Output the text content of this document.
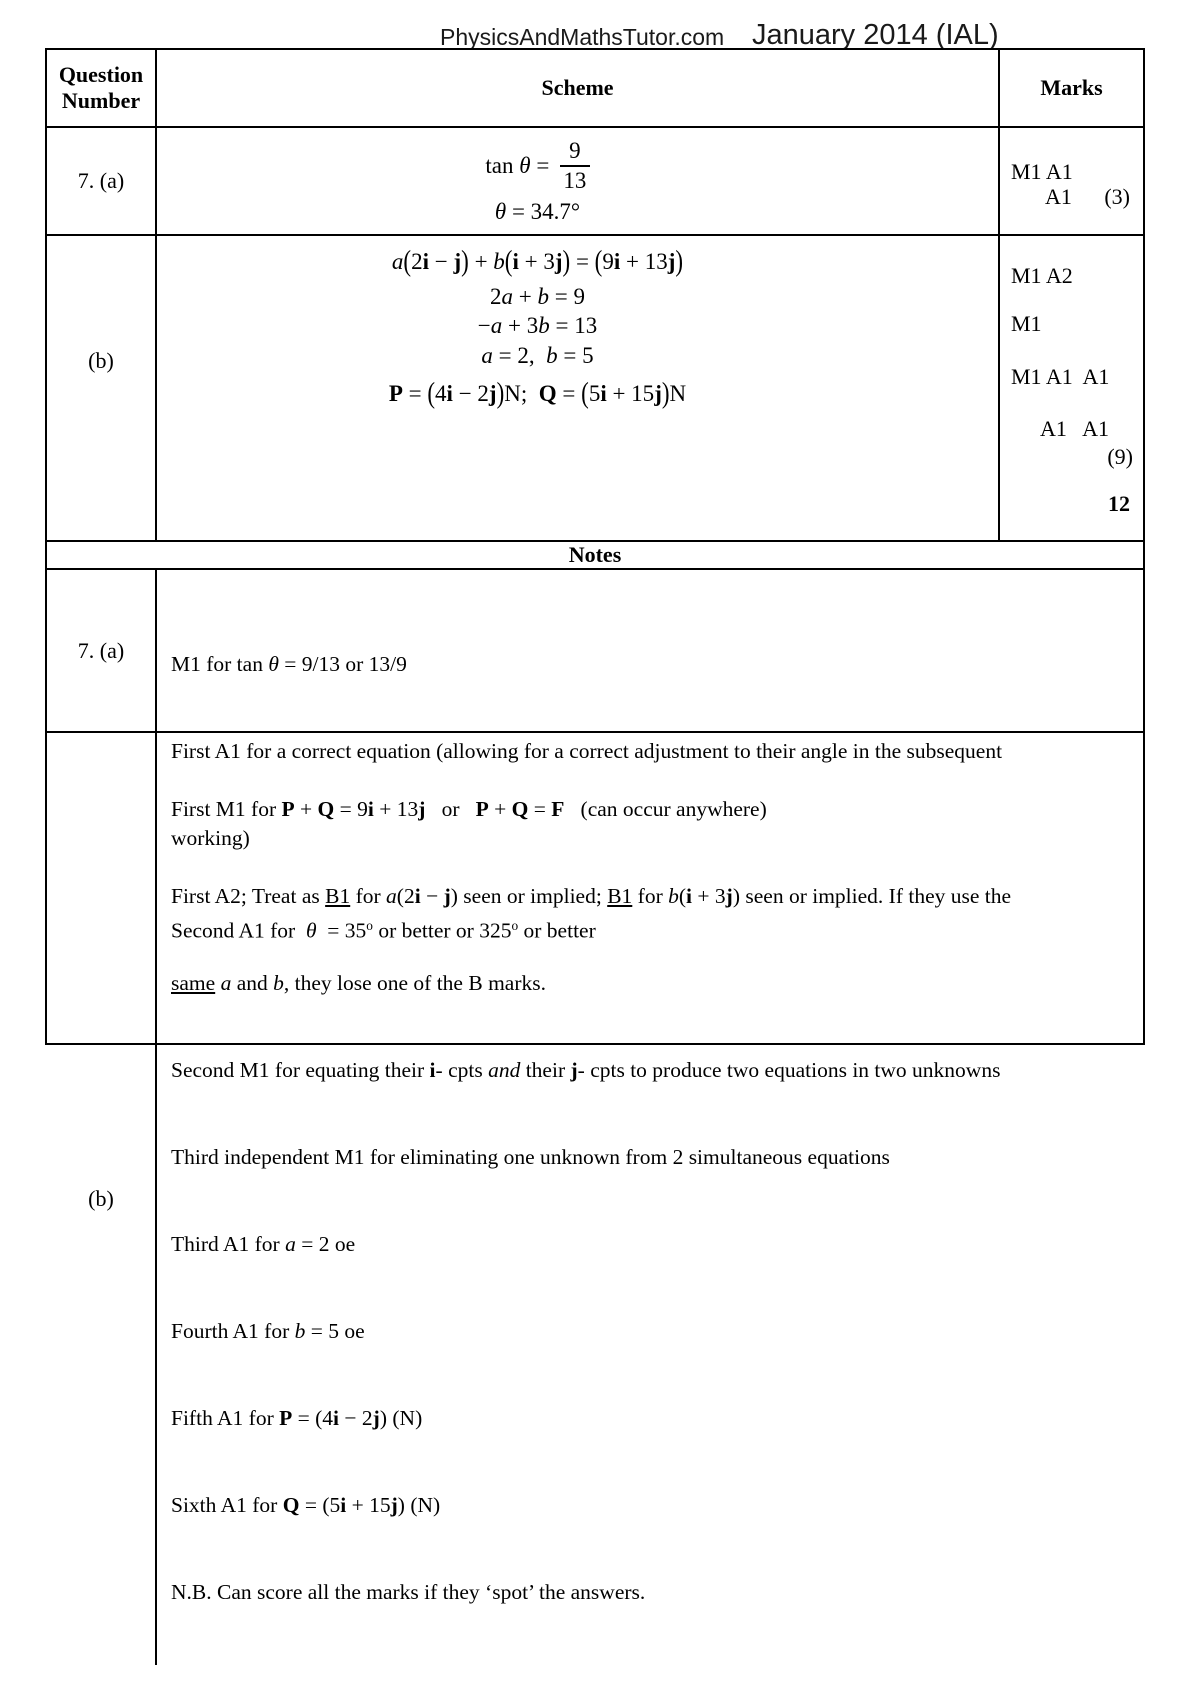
PhysicsAndMathsTutor.com January 2014 (IAL)
Question Number
Scheme	Marks
7. (a)
$\tan \theta = \frac{9}{13}$
θ = 34.7°
M1 A1
A1 (3)
(b)
a(2i − j) + b(i + 3j) = (9i + 13j)
2a + b = 9
−a + 3b = 13
a = 2,  b = 5
P = (4i − 2j)N;  Q = (5i + 15j)N
M1 A2
M1
M1 A1  A1
A1   A1
(9)
12
Notes
7. (a)

M1 for tan θ = 9/13 or 13/9

First A1 for a correct equation (allowing for a correct adjustment to their angle in the subsequent

working)

Second A1 for  $\theta = 35^o$ or better or 325$^o$ or better

(b)

First M1 for P + Q = 9i + 13j   or   P + Q = F   (can occur anywhere)

First A2; Treat as B1 for a(2i − j) seen or implied; B1 for b(i + 3j) seen or implied. If they use the

same a and b, they lose one of the B marks.

Second M1 for equating their i- cpts and their j- cpts to produce two equations in two unknowns

Third independent M1 for eliminating one unknown from 2 simultaneous equations

Third A1 for a = 2 oe

Fourth A1 for b = 5 oe

Fifth A1 for P = (4i − 2j) (N)

Sixth A1 for Q = (5i + 15j) (N)

N.B. Can score all the marks if they ‘spot’ the answers.
